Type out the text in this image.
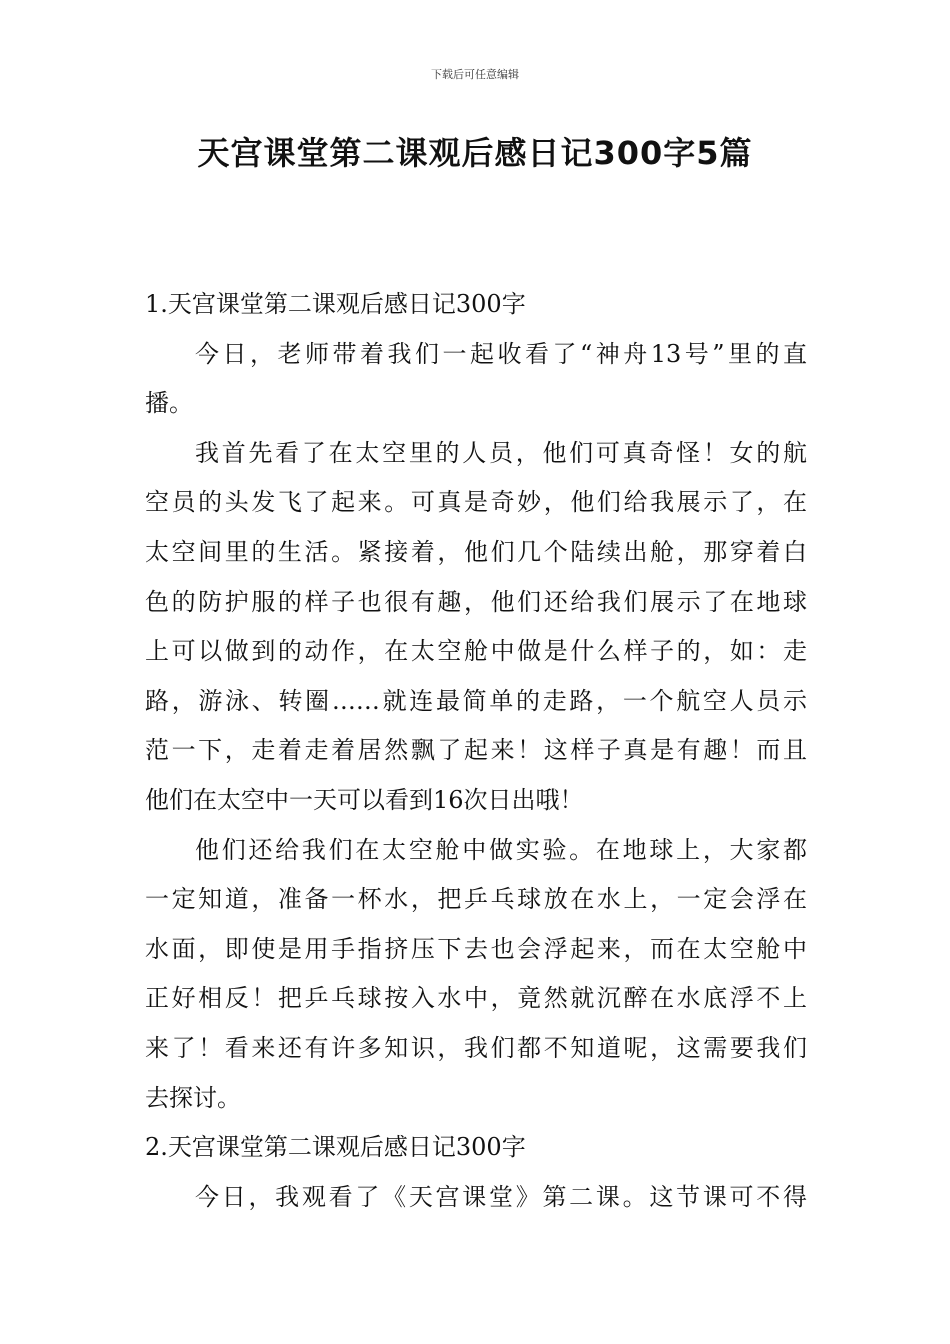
下载后可任意编辑
天宫课堂第二课观后感日记300字5篇
1.天宫课堂第二课观后感日记300字
今日，老师带着我们一起收看了“神舟13号”里的直
播。
我首先看了在太空里的人员，他们可真奇怪！女的航
空员的头发飞了起来。可真是奇妙，他们给我展示了，在
太空间里的生活。紧接着，他们几个陆续出舱，那穿着白
色的防护服的样子也很有趣，他们还给我们展示了在地球
上可以做到的动作，在太空舱中做是什么样子的，如：走
路，游泳、转圈……就连最简单的走路，一个航空人员示
范一下，走着走着居然飘了起来！这样子真是有趣！而且
他们在太空中一天可以看到16次日出哦！
他们还给我们在太空舱中做实验。在地球上，大家都
一定知道，准备一杯水，把乒乓球放在水上，一定会浮在
水面，即使是用手指挤压下去也会浮起来，而在太空舱中
正好相反！把乒乓球按入水中，竟然就沉醉在水底浮不上
来了！看来还有许多知识，我们都不知道呢，这需要我们
去探讨。
2.天宫课堂第二课观后感日记300字
今日，我观看了《天宫课堂》第二课。这节课可不得
